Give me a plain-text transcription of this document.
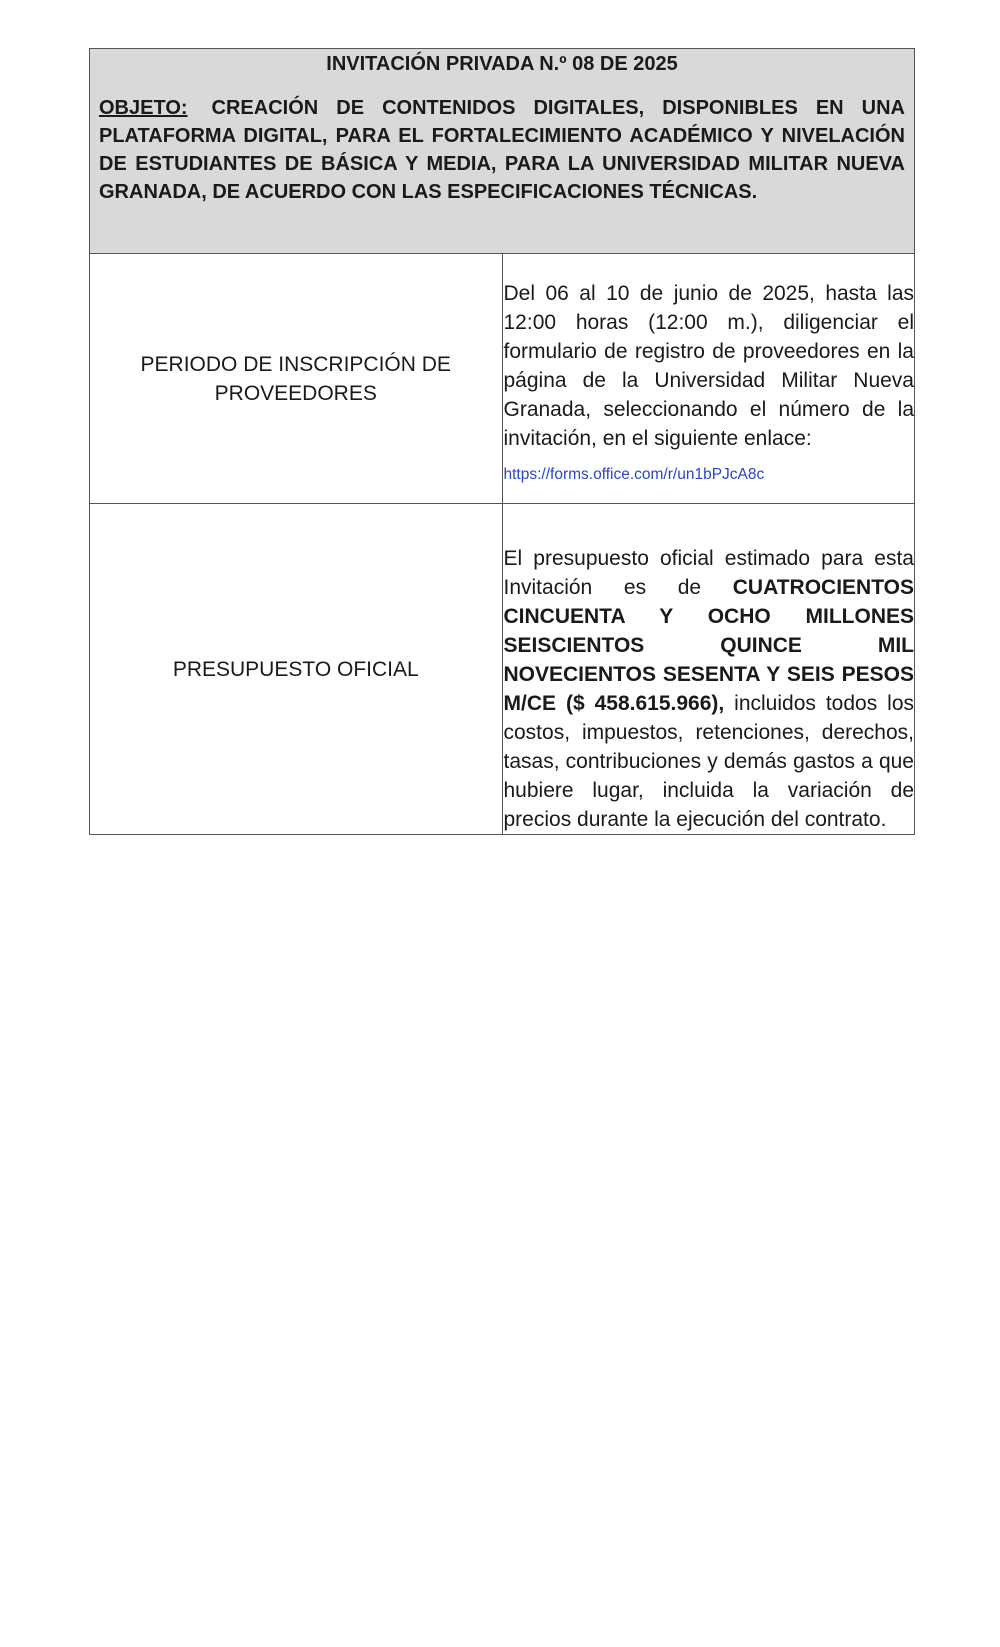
INVITACIÓN PRIVADA N.º 08 DE 2025
OBJETO: CREACIÓN DE CONTENIDOS DIGITALES, DISPONIBLES EN UNA PLATAFORMA DIGITAL, PARA EL FORTALECIMIENTO ACADÉMICO Y NIVELACIÓN DE ESTUDIANTES DE BÁSICA Y MEDIA, PARA LA UNIVERSIDAD MILITAR NUEVA GRANADA, DE ACUERDO CON LAS ESPECIFICACIONES TÉCNICAS.	

PERIODO DE INSCRIPCIÓN DE PROVEEDORES	Del 06 al 10 de junio de 2025, hasta las 12:00 horas (12:00 m.), diligenciar el formulario de registro de proveedores en la página de la Universidad Militar Nueva Granada, seleccionando el número de la invitación, en el siguiente enlace:
https://forms.office.com/r/un1bPJcA8c

PRESUPUESTO OFICIAL	El presupuesto oficial estimado para esta Invitación es de CUATROCIENTOS CINCUENTA Y OCHO MILLONES SEISCIENTOS QUINCE MIL NOVECIENTOS SESENTA Y SEIS PESOS M/CE ($ 458.615.966), incluidos todos los costos, impuestos, retenciones, derechos, tasas, contribuciones y demás gastos a que hubiere lugar, incluida la variación de precios durante la ejecución del contrato.
